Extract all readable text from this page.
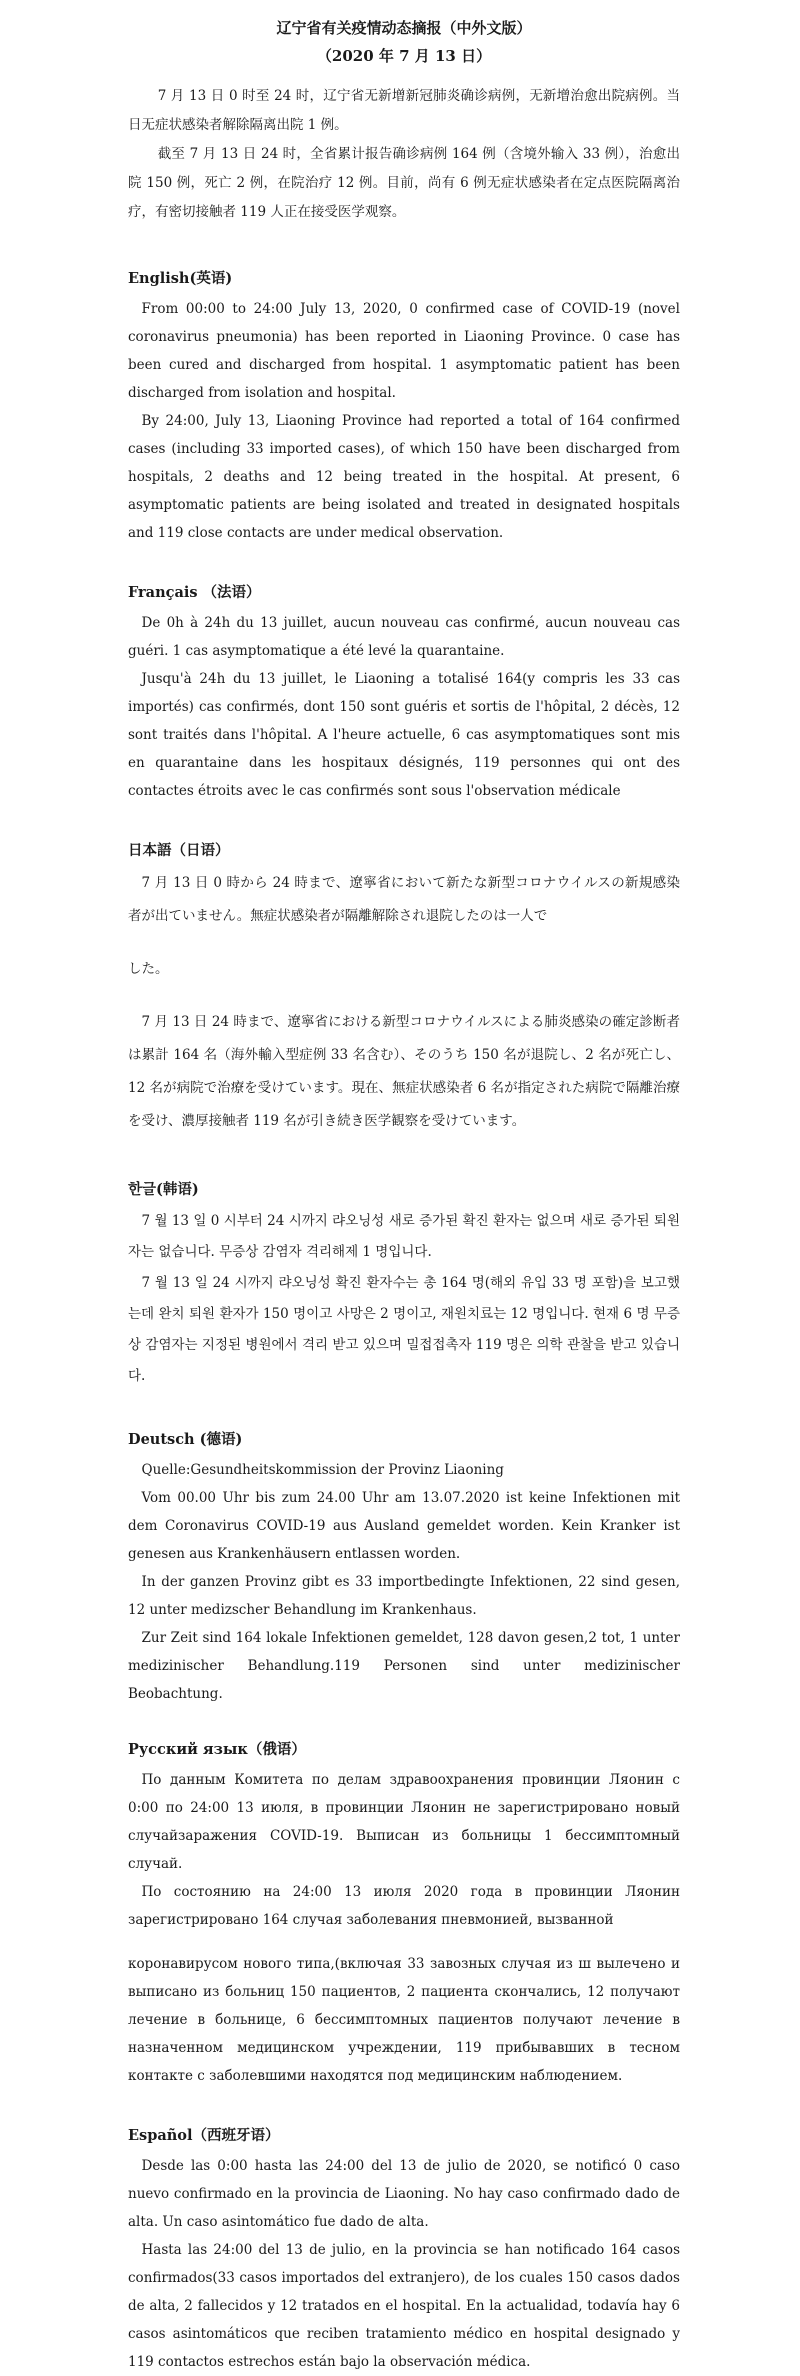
辽宁省有关疫情动态摘报（中外文版）
（2020 年 7 月 13 日）

7 月 13 日 0 时至 24 时，辽宁省无新增新冠肺炎确诊病例，无新增治愈出院病例。当日无症状感染者解除隔离出院 1 例。

截至 7 月 13 日 24 时，全省累计报告确诊病例 164 例（含境外输入 33 例），治愈出院 150 例，死亡 2 例，在院治疗 12 例。目前，尚有 6 例无症状感染者在定点医院隔离治疗，有密切接触者 119 人正在接受医学观察。

English(英语)

From 00:00 to 24:00 July 13, 2020, 0 confirmed case of COVID-19 (novel coronavirus pneumonia) has been reported in Liaoning Province. 0 case has been cured and discharged from hospital. 1 asymptomatic patient has been discharged from isolation and hospital.

By 24:00, July 13, Liaoning Province had reported a total of 164 confirmed cases (including 33 imported cases), of which 150 have been discharged from hospitals, 2 deaths and 12 being treated in the hospital. At present, 6 asymptomatic patients are being isolated and treated in designated hospitals and 119 close contacts are under medical observation.

Français （法语）

De 0h à 24h du 13 juillet, aucun nouveau cas confirmé, aucun nouveau cas guéri. 1 cas asymptomatique a été levé la quarantaine.

Jusqu'à 24h du 13 juillet, le Liaoning a totalisé 164(y compris les 33 cas importés) cas confirmés, dont 150 sont guéris et sortis de l'hôpital, 2 décès, 12 sont traités dans l'hôpital. A l'heure actuelle, 6 cas asymptomatiques sont mis en quarantaine dans les hospitaux désignés, 119 personnes qui ont des contactes étroits avec le cas confirmés sont sous l'observation médicale

日本語（日语）

7 月 13 日 0 時から 24 時まで、遼寧省において新たな新型コロナウイルスの新規感染者が出ていません。無症状感染者が隔離解除され退院したのは一人で

した。

7 月 13 日 24 時まで、遼寧省における新型コロナウイルスによる肺炎感染の確定診断者は累計 164 名（海外輸入型症例 33 名含む）、そのうち 150 名が退院し、2 名が死亡し、12 名が病院で治療を受けています。現在、無症状感染者 6 名が指定された病院で隔離治療を受け、濃厚接触者 119 名が引き続き医学観察を受けています。

한글(韩语)

7 월 13 일 0 시부터 24 시까지 랴오닝성 새로 증가된 확진 환자는 없으며 새로 증가된 퇴원자는 없습니다. 무증상 감염자 격리해제 1 명입니다.

7 월 13 일 24 시까지 랴오닝성 확진 환자수는 총 164 명(해외 유입 33 명 포함)을 보고했는데 완치 퇴원 환자가 150 명이고 사망은 2 명이고, 재원치료는 12 명입니다. 현재 6 명 무증상 감염자는 지정된 병원에서 격리 받고 있으며 밀접접촉자 119 명은 의학 관찰을 받고 있습니다.

Deutsch (德语)

Quelle:Gesundheitskommission der Provinz Liaoning

Vom 00.00 Uhr bis zum 24.00 Uhr am 13.07.2020 ist keine Infektionen mit dem Coronavirus COVID-19 aus Ausland gemeldet worden. Kein Kranker ist genesen aus Krankenhäusern entlassen worden.

In der ganzen Provinz gibt es 33 importbedingte Infektionen, 22 sind gesen, 12 unter medizscher Behandlung im Krankenhaus.

Zur Zeit sind 164 lokale Infektionen gemeldet, 128 davon gesen,2 tot, 1 unter medizinischer Behandlung.119 Personen sind unter medizinischer Beobachtung.

Русский язык（俄语）

По данным Комитета по делам здравоохранения провинции Ляонин с 0:00 по 24:00 13 июля, в провинции Ляонин не зарегистрировано новый случайзаражения COVID-19. Выписан из больницы 1 бессимптомный случай.

По состоянию на 24:00 13 июля 2020 года в провинции Ляонин зарегистрировано 164 случая заболевания пневмонией, вызванной

коронавирусом нового типа,(включая 33 завозных случая из ш вылечено и выписано из больниц 150 пациентов, 2 пациента скончались, 12 получают лечение в больнице, 6 бессимптомных пациентов получают лечение в назначенном медицинском учреждении, 119 прибывавших в тесном контакте с заболевшими находятся под медицинским наблюдением.

Español（西班牙语）

Desde las 0:00 hasta las 24:00 del 13 de julio de 2020, se notificó 0 caso nuevo confirmado en la provincia de Liaoning. No hay caso confirmado dado de alta. Un caso asintomático fue dado de alta.

Hasta las 24:00 del 13 de julio, en la provincia se han notificado 164 casos confirmados(33 casos importados del extranjero), de los cuales 150 casos dados de alta, 2 fallecidos y 12 tratados en el hospital. En la actualidad, todavía hay 6 casos asintomáticos que reciben tratamiento médico en hospital designado y 119 contactos estrechos están bajo la observación médica.
